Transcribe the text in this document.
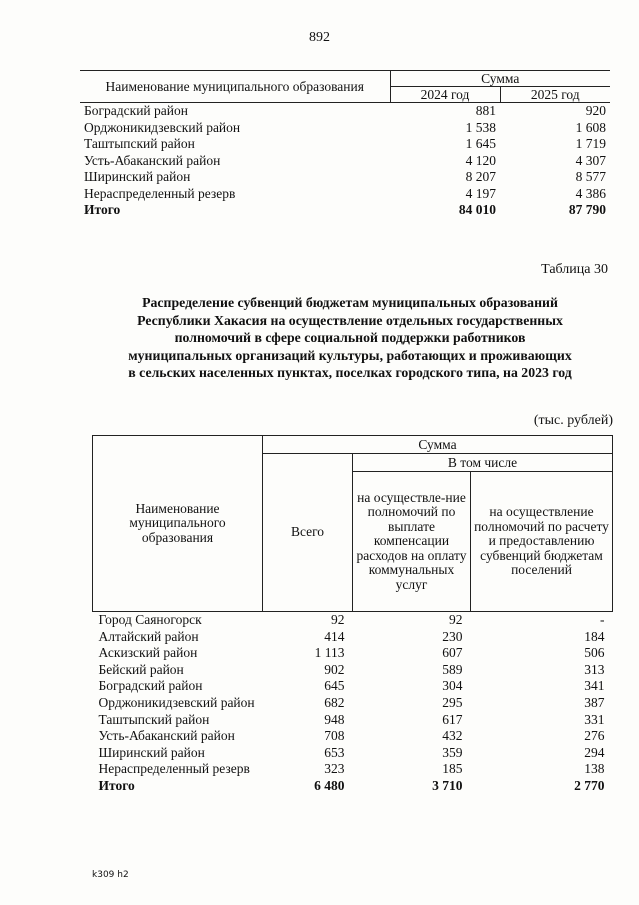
892
Наименование муниципального образования	Сумма	
	2024 год	2025 год
Боградский район	881	920
Орджоникидзевский район	1 538	1 608
Таштыпский район	1 645	1 719
Усть-Абаканский район	4 120	4 307
Ширинский район	8 207	8 577
Нераспределенный резерв	4 197	4 386
Итого	84 010	87 790
Таблица 30
Распределение субвенций бюджетам муниципальных образований
Республики Хакасия на осуществление отдельных государственных
полномочий в сфере социальной поддержки работников
муниципальных организаций культуры, работающих и проживающих
в сельских населенных пунктах, поселках городского типа, на 2023 год
(тыс. рублей)
Наименование муниципального образования	Сумма		
	Всего	В том числе	
		на осуществле-ние полномочий по выплате компенсации расходов на оплату коммунальных услуг	на осуществление полномочий по расчету и предоставлению субвенций бюджетам поселений
Город Саяногорск	92	92	-
Алтайский район	414	230	184
Аскизский район	1 113	607	506
Бейский район	902	589	313
Боградский район	645	304	341
Орджоникидзевский район	682	295	387
Таштыпский район	948	617	331
Усть-Абаканский район	708	432	276
Ширинский район	653	359	294
Нераспределенный резерв	323	185	138
Итого	6 480	3 710	2 770
k309 h2
